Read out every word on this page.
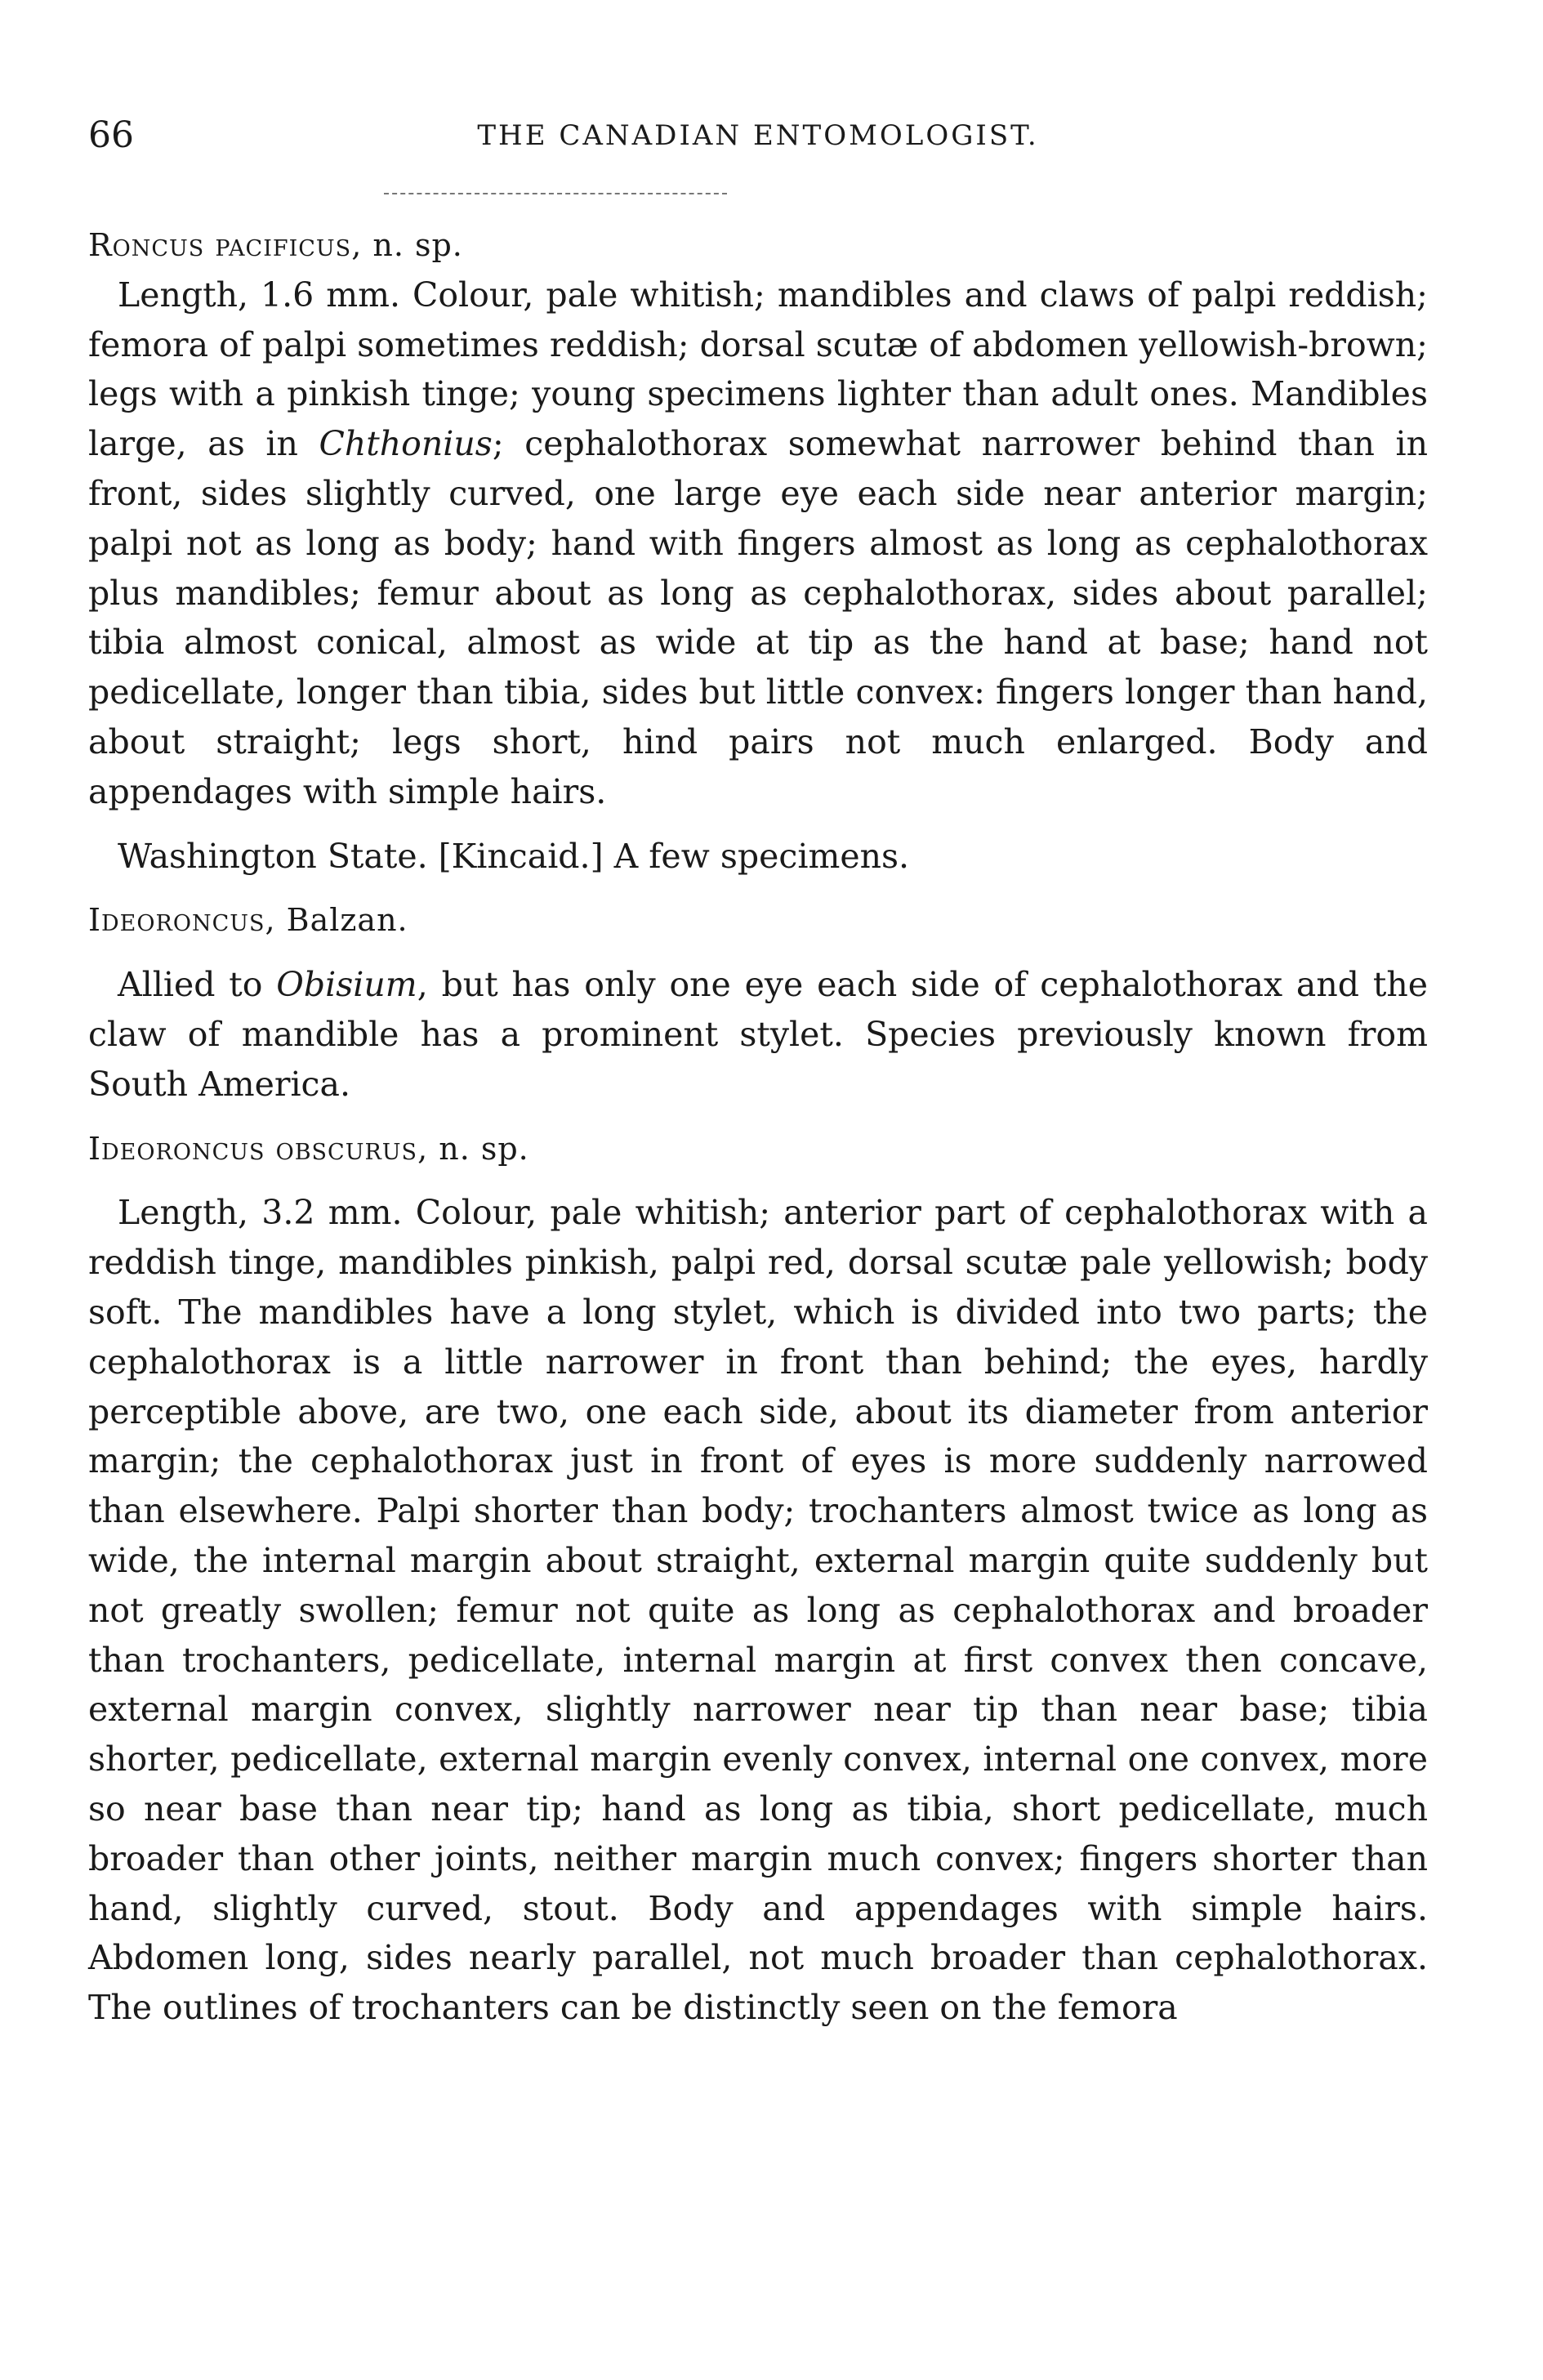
66	THE CANADIAN ENTOMOLOGIST.

Roncus pacificus, n. sp.

Length, 1.6 mm. Colour, pale whitish; mandibles and claws of palpi reddish; femora of palpi sometimes reddish; dorsal scutæ of abdomen yellowish-brown; legs with a pinkish tinge; young specimens lighter than adult ones. Mandibles large, as in Chthonius; cephalothorax somewhat narrower behind than in front, sides slightly curved, one large eye each side near anterior margin; palpi not as long as body; hand with fingers almost as long as cephalothorax plus mandibles; femur about as long as cephalothorax, sides about parallel; tibia almost conical, almost as wide at tip as the hand at base; hand not pedicellate, longer than tibia, sides but little convex: fingers longer than hand, about straight; legs short, hind pairs not much enlarged. Body and appendages with simple hairs.

Washington State. [Kincaid.] A few specimens.

Ideoroncus, Balzan.

Allied to Obisium, but has only one eye each side of cephalothorax and the claw of mandible has a prominent stylet. Species previously known from South America.

Ideoroncus obscurus, n. sp.

Length, 3.2 mm. Colour, pale whitish; anterior part of cephalothorax with a reddish tinge, mandibles pinkish, palpi red, dorsal scutæ pale yellowish; body soft. The mandibles have a long stylet, which is divided into two parts; the cephalothorax is a little narrower in front than behind; the eyes, hardly perceptible above, are two, one each side, about its diameter from anterior margin; the cephalothorax just in front of eyes is more suddenly narrowed than elsewhere. Palpi shorter than body; trochanters almost twice as long as wide, the internal margin about straight, external margin quite suddenly but not greatly swollen; femur not quite as long as cephalothorax and broader than trochanters, pedicellate, internal margin at first convex then concave, external margin convex, slightly narrower near tip than near base; tibia shorter, pedicellate, external margin evenly convex, internal one convex, more so near base than near tip; hand as long as tibia, short pedicellate, much broader than other joints, neither margin much convex; fingers shorter than hand, slightly curved, stout. Body and appendages with simple hairs. Abdomen long, sides nearly parallel, not much broader than cephalothorax. The outlines of trochanters can be distinctly seen on the femora
